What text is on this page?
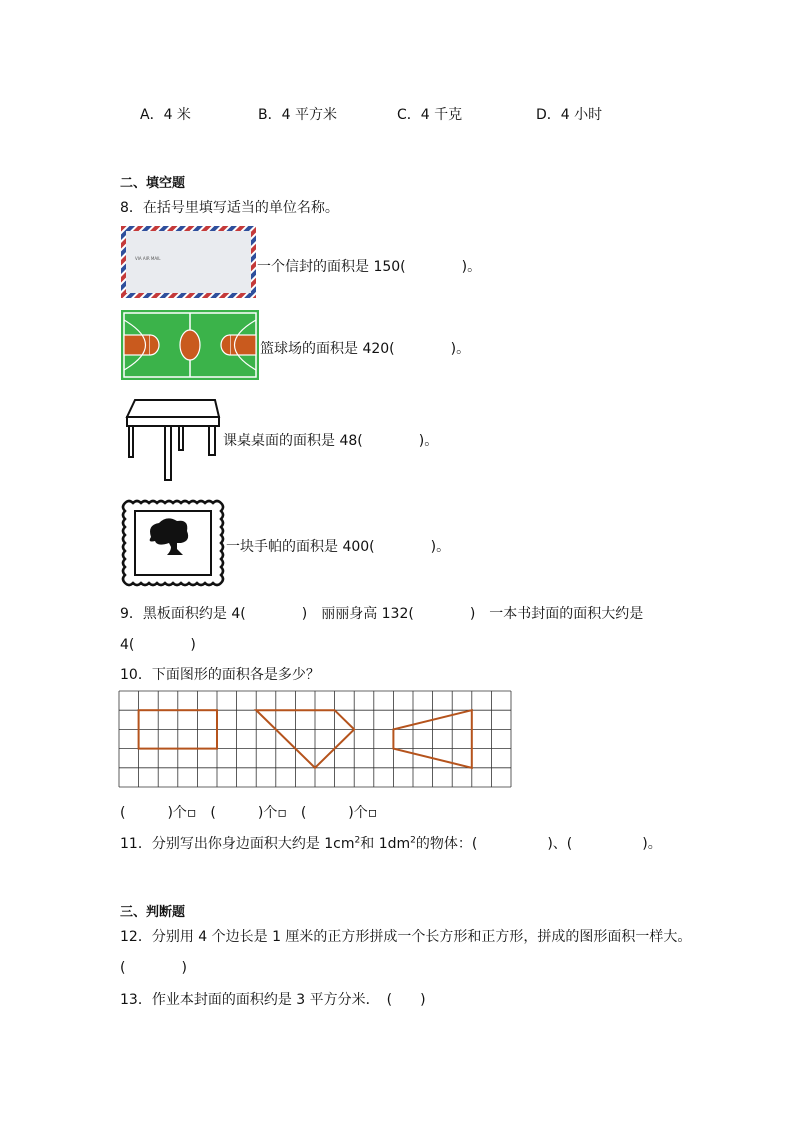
A．4 米	B．4 平方米	C．4 千克	D．4 小时
二、填空题
8．在括号里填写适当的单位名称。
VIA AIR MAIL
一个信封的面积是 150(　　　　)。
篮球场的面积是 420(　　　　)。
课桌桌面的面积是 48(　　　　)。
一块手帕的面积是 400(　　　　)。
9．黑板面积约是 4(　　　　)　丽丽身高 132(　　　　)　一本书封面的面积大约是
4(　　　　)
10．下面图形的面积各是多少？
(　　　)个▫　(　　　)个▫　(　　　)个▫
11．分别写出你身边面积大约是 $1cm^2$和 $1dm^2$的物体：(　　　　　)、(　　　　　)。
三、判断题
12．分别用 4 个边长是 1 厘米的正方形拼成一个长方形和正方形，拼成的图形面积一样大。
(　　　　)
13．作业本封面的面积约是 3 平方分米．　(　　)
